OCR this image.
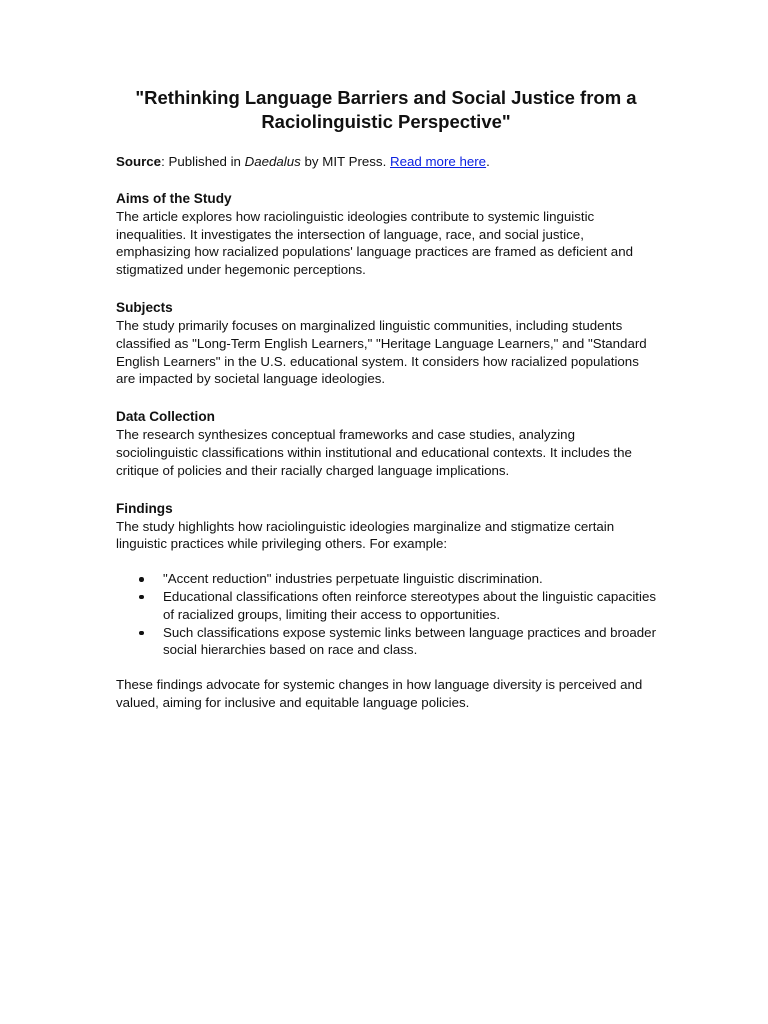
"Rethinking Language Barriers and Social Justice from a Raciolinguistic Perspective"

Source: Published in Daedalus by MIT Press. Read more here.

Aims of the Study

The article explores how raciolinguistic ideologies contribute to systemic linguistic inequalities. It investigates the intersection of language, race, and social justice, emphasizing how racialized populations' language practices are framed as deficient and stigmatized under hegemonic perceptions.

Subjects

The study primarily focuses on marginalized linguistic communities, including students classified as "Long-Term English Learners," "Heritage Language Learners," and "Standard English Learners" in the U.S. educational system. It considers how racialized populations are impacted by societal language ideologies.

Data Collection

The research synthesizes conceptual frameworks and case studies, analyzing sociolinguistic classifications within institutional and educational contexts. It includes the critique of policies and their racially charged language implications.

Findings

The study highlights how raciolinguistic ideologies marginalize and stigmatize certain linguistic practices while privileging others. For example:

"Accent reduction" industries perpetuate linguistic discrimination.
Educational classifications often reinforce stereotypes about the linguistic capacities of racialized groups, limiting their access to opportunities.
Such classifications expose systemic links between language practices and broader social hierarchies based on race and class.

These findings advocate for systemic changes in how language diversity is perceived and valued, aiming for inclusive and equitable language policies.
